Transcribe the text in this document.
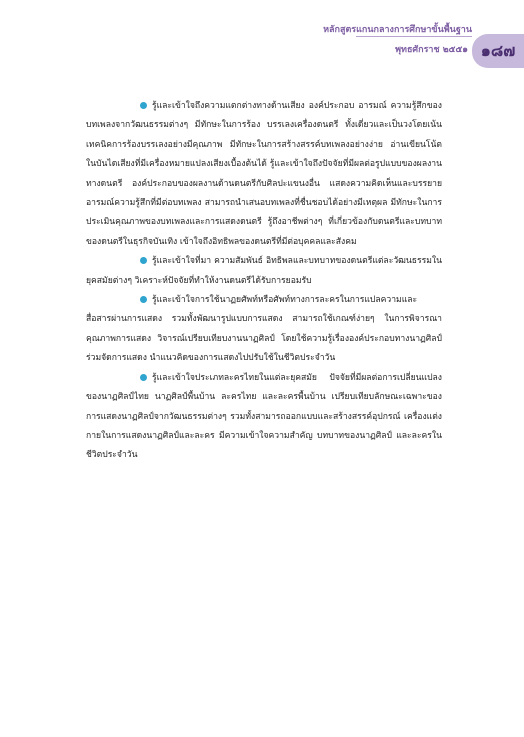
หลักสูตรแกนกลางการศึกษาขั้นพื้นฐาน
พุทธศักราช ๒๕๕๑ ๑๘๗

รู้และเข้าใจถึงความแตกต่างทางด้านเสียง องค์ประกอบ อารมณ์ ความรู้สึกของบทเพลงจากวัฒนธรรมต่างๆ มีทักษะในการร้อง บรรเลงเครื่องดนตรี ทั้งเดี่ยวและเป็นวงโดยเน้นเทคนิคการร้องบรรเลงอย่างมีคุณภาพ มีทักษะในการสร้างสรรค์บทเพลงอย่างง่าย อ่านเขียนโน้ตในบันไดเสียงที่มีเครื่องหมายแปลงเสียงเบื้องต้นได้ รู้และเข้าใจถึงปัจจัยที่มีผลต่อรูปแบบของผลงานทางดนตรี องค์ประกอบของผลงานด้านดนตรีกับศิลปะแขนงอื่น แสดงความคิดเห็นและบรรยายอารมณ์ความรู้สึกที่มีต่อบทเพลง สามารถนำเสนอบทเพลงที่ชื่นชอบได้อย่างมีเหตุผล มีทักษะในการประเมินคุณภาพของบทเพลงและการแสดงดนตรี รู้ถึงอาชีพต่างๆ ที่เกี่ยวข้องกับดนตรีและบทบาทของดนตรีในธุรกิจบันเทิง เข้าใจถึงอิทธิพลของดนตรีที่มีต่อบุคคลและสังคม

รู้และเข้าใจที่มา ความสัมพันธ์ อิทธิพลและบทบาทของดนตรีแต่ละวัฒนธรรมในยุคสมัยต่างๆ วิเคราะห์ปัจจัยที่ทำให้งานดนตรีได้รับการยอมรับ

รู้และเข้าใจการใช้นาฏยศัพท์หรือศัพท์ทางการละครในการแปลความและสื่อสารผ่านการแสดง รวมทั้งพัฒนารูปแบบการแสดง สามารถใช้เกณฑ์ง่ายๆ ในการพิจารณาคุณภาพการแสดง วิจารณ์เปรียบเทียบงานนาฏศิลป์ โดยใช้ความรู้เรื่ององค์ประกอบทางนาฏศิลป์ร่วมจัดการแสดง นำแนวคิดของการแสดงไปปรับใช้ในชีวิตประจำวัน

รู้และเข้าใจประเภทละครไทยในแต่ละยุคสมัย ปัจจัยที่มีผลต่อการเปลี่ยนแปลงของนาฏศิลป์ไทย นาฏศิลป์พื้นบ้าน ละครไทย และละครพื้นบ้าน เปรียบเทียบลักษณะเฉพาะของการแสดงนาฏศิลป์จากวัฒนธรรมต่างๆ รวมทั้งสามารถออกแบบและสร้างสรรค์อุปกรณ์ เครื่องแต่งกายในการแสดงนาฏศิลป์และละคร มีความเข้าใจความสำคัญ บทบาทของนาฏศิลป์ และละครในชีวิตประจำวัน
